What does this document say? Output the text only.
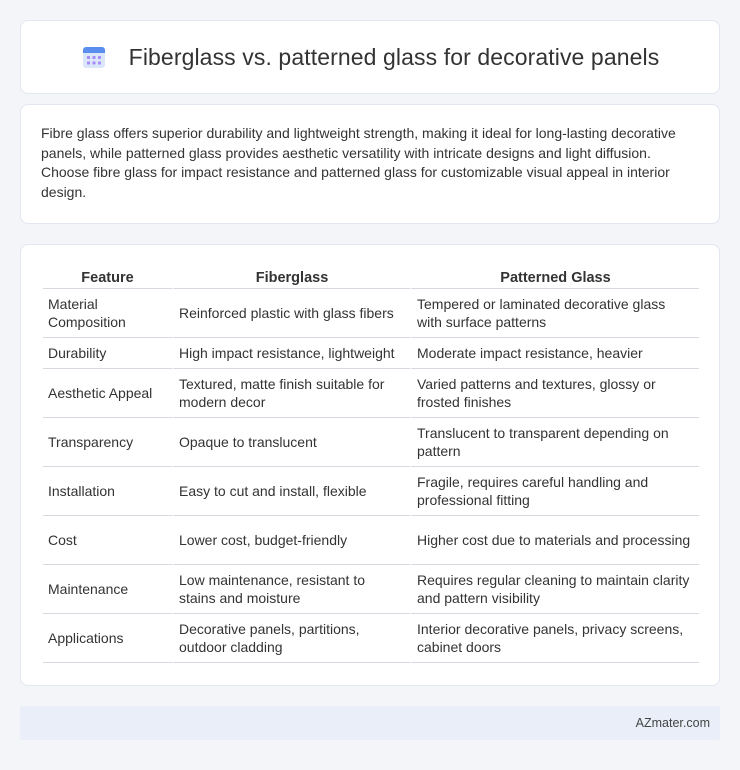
Fiberglass vs. patterned glass for decorative panels

Fibre glass offers superior durability and lightweight strength, making it ideal for long-lasting decorative panels, while patterned glass provides aesthetic versatility with intricate designs and light diffusion. Choose fibre glass for impact resistance and patterned glass for customizable visual appeal in interior design.

Feature	Fiberglass	Patterned Glass
Material Composition	Reinforced plastic with glass fibers	Tempered or laminated decorative glass with surface patterns
Durability	High impact resistance, lightweight	Moderate impact resistance, heavier
Aesthetic Appeal	Textured, matte finish suitable for modern decor	Varied patterns and textures, glossy or frosted finishes
Transparency	Opaque to translucent	Translucent to transparent depending on pattern
Installation	Easy to cut and install, flexible	Fragile, requires careful handling and professional fitting
Cost	Lower cost, budget-friendly	Higher cost due to materials and processing
Maintenance	Low maintenance, resistant to stains and moisture	Requires regular cleaning to maintain clarity and pattern visibility
Applications	Decorative panels, partitions, outdoor cladding	Interior decorative panels, privacy screens, cabinet doors
AZmater.com
